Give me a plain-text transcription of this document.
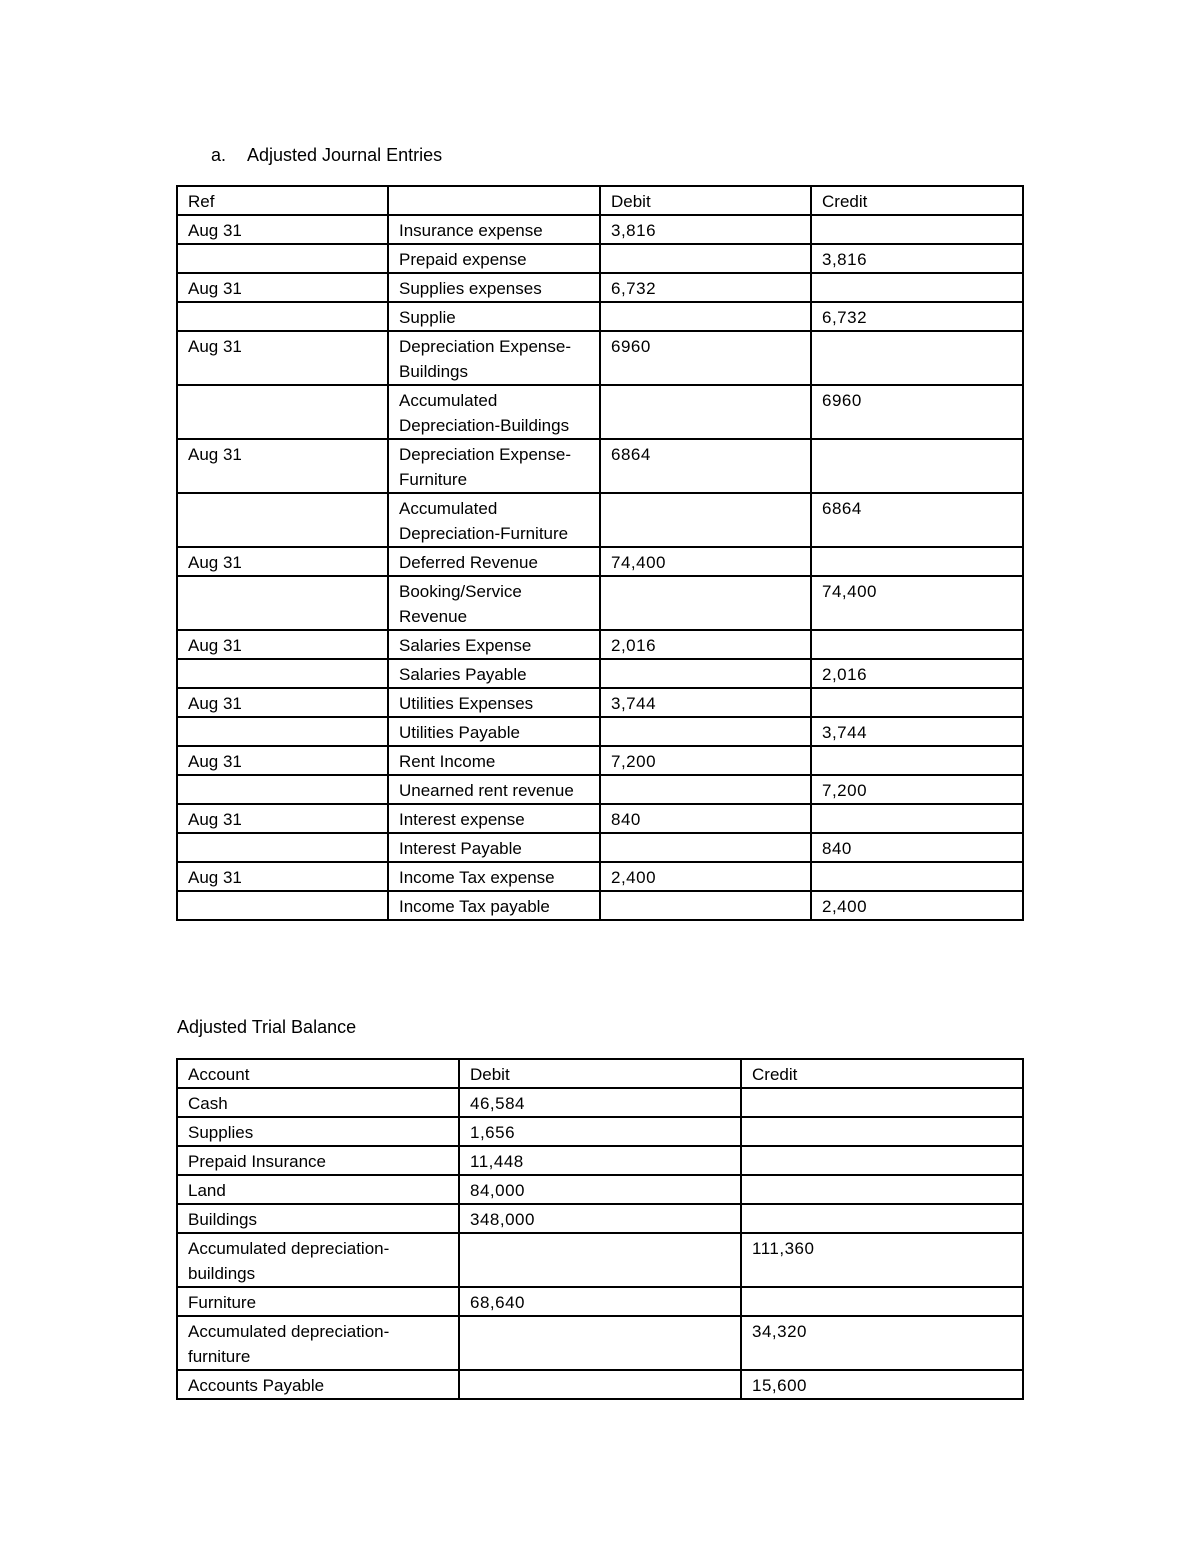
a. Adjusted Journal Entries
Ref		Debit	Credit
Aug 31	Insurance expense	3,816	
	Prepaid expense		3,816
Aug 31	Supplies expenses	6,732	
	Supplie		6,732
Aug 31	Depreciation Expense-Buildings	6960	
	Accumulated Depreciation-Buildings		6960
Aug 31	Depreciation Expense-Furniture	6864	
	Accumulated Depreciation-Furniture		6864
Aug 31	Deferred Revenue	74,400	
	Booking/Service Revenue		74,400
Aug 31	Salaries Expense	2,016	
	Salaries Payable		2,016
Aug 31	Utilities Expenses	3,744	
	Utilities Payable		3,744
Aug 31	Rent Income	7,200	
	Unearned rent revenue		7,200
Aug 31	Interest expense	840	
	Interest Payable		840
Aug 31	Income Tax expense	2,400	
	Income Tax payable		2,400
Adjusted Trial Balance
Account	Debit	Credit
Cash	46,584	
Supplies	1,656	
Prepaid Insurance	11,448	
Land	84,000	
Buildings	348,000	
Accumulated depreciation-buildings		111,360
Furniture	68,640	
Accumulated depreciation-furniture		34,320
Accounts Payable		15,600
